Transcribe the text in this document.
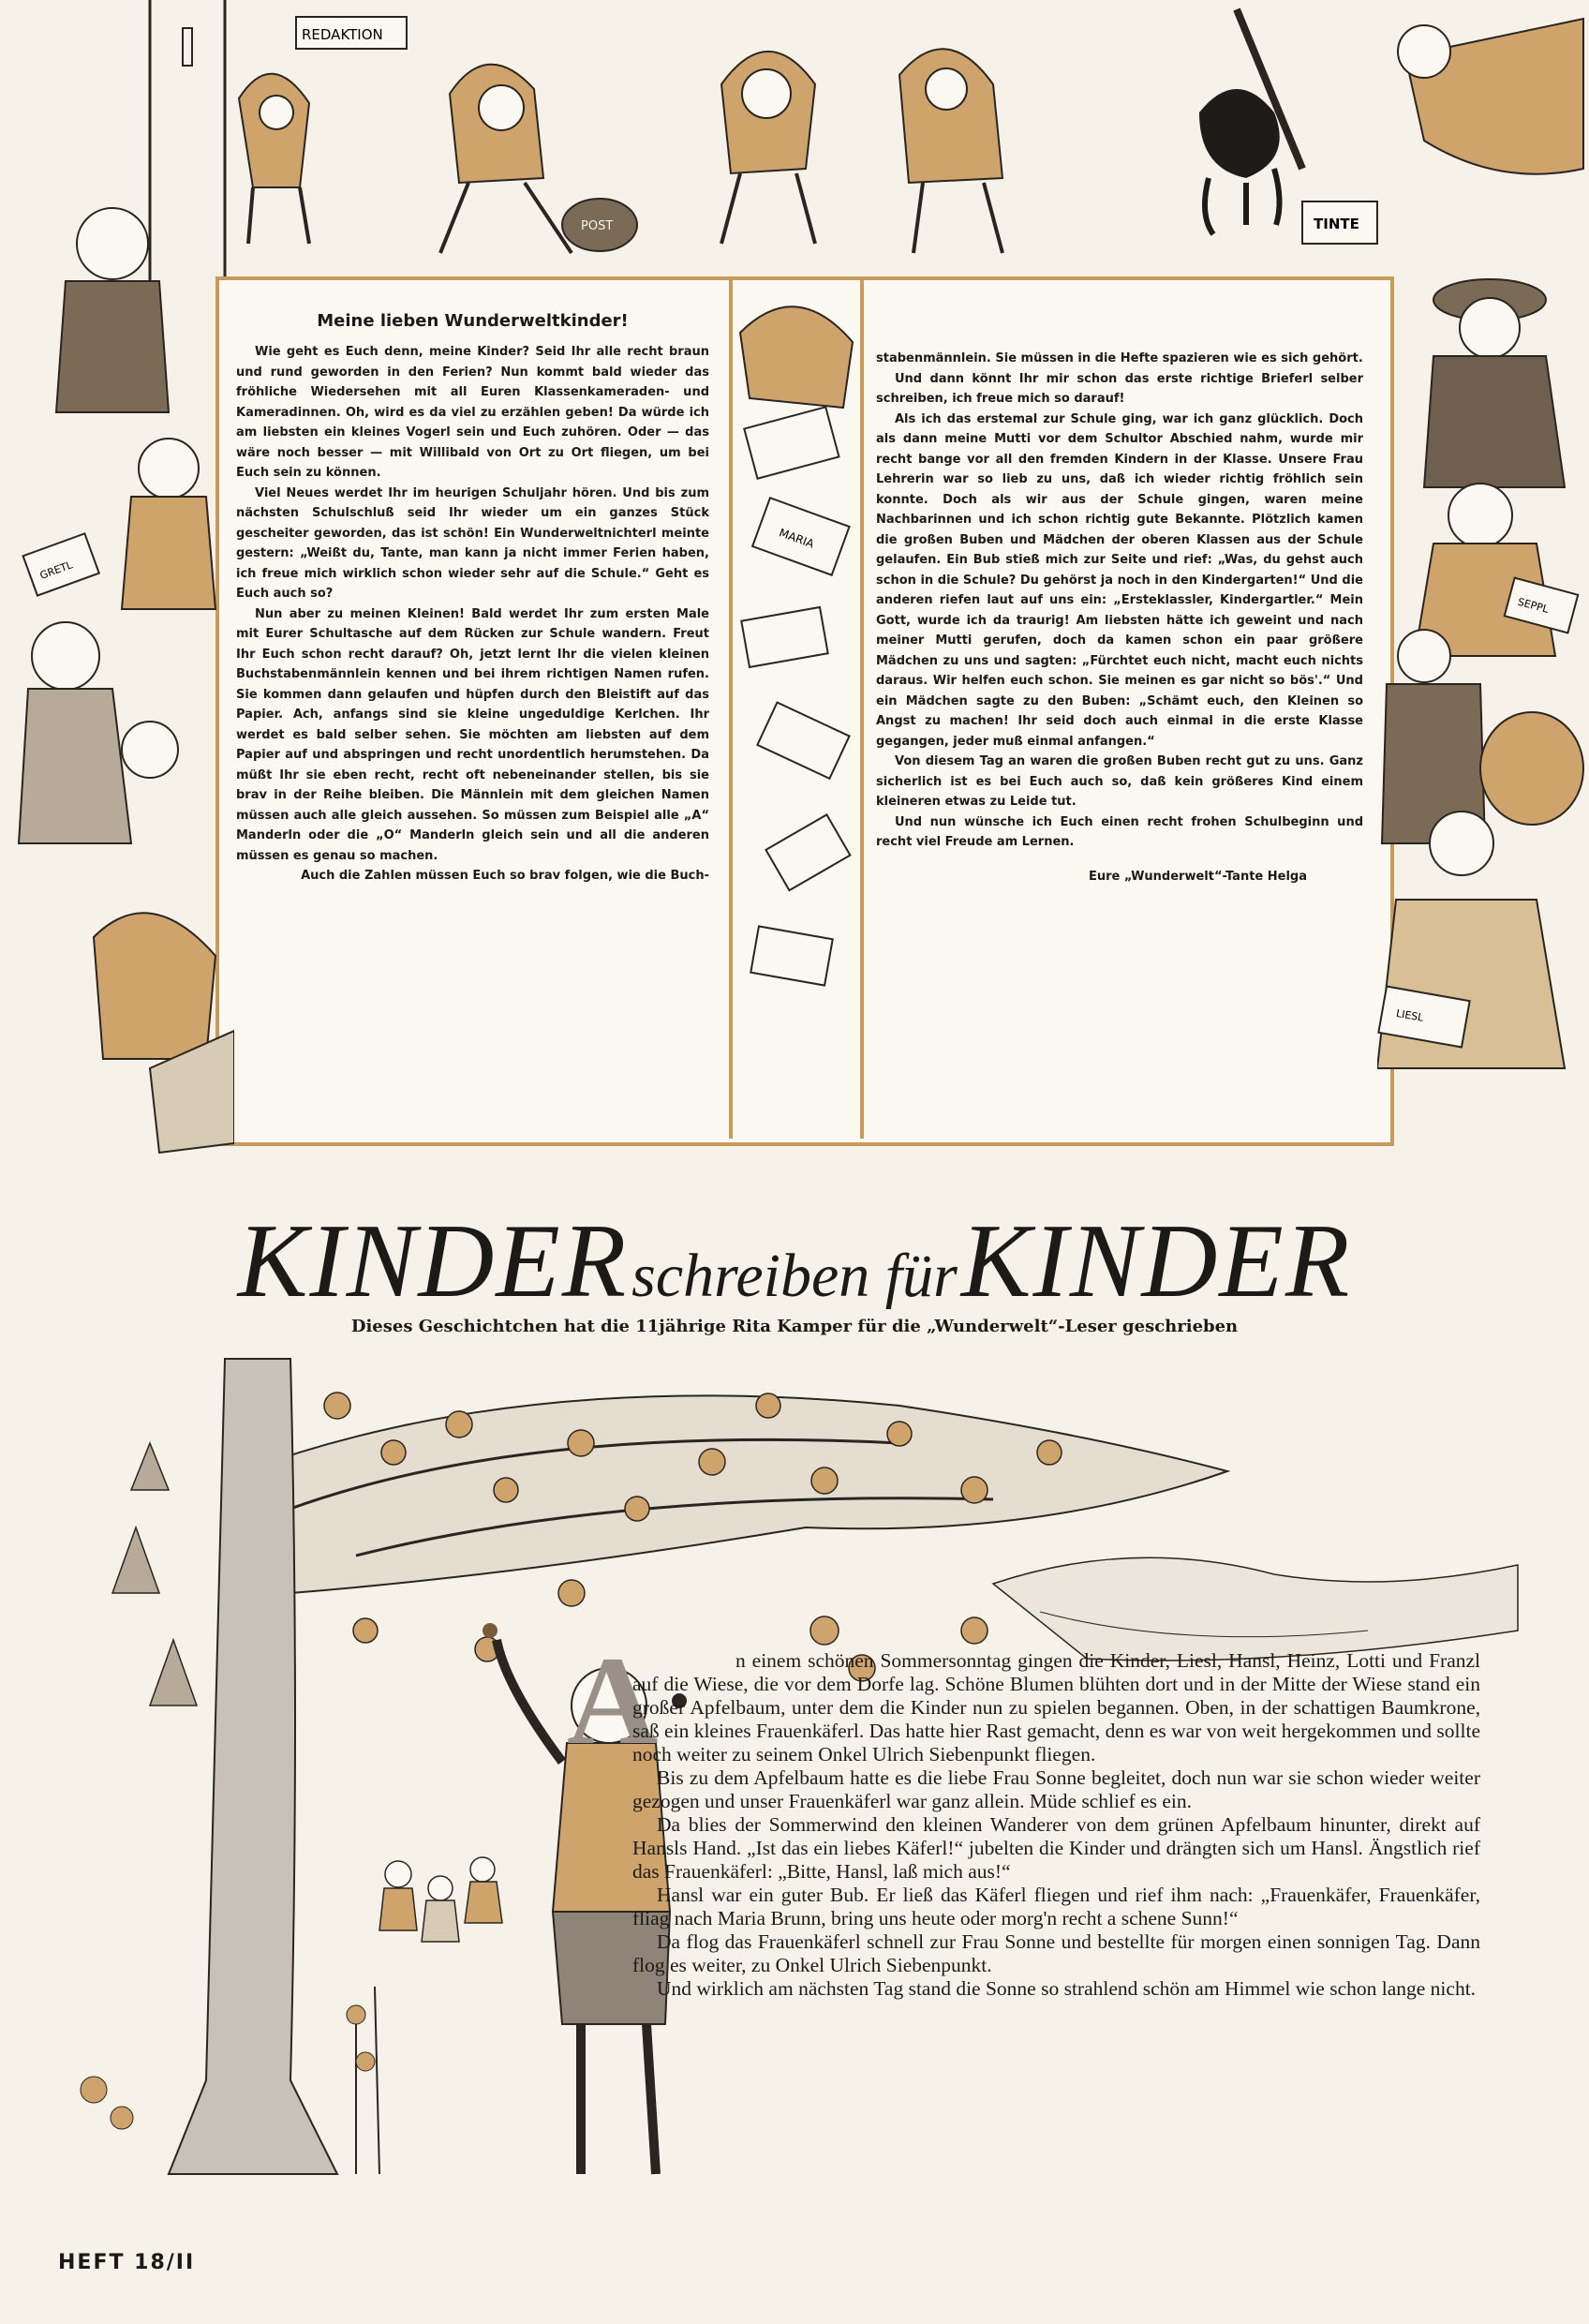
REDAKTION
POST	TINTE
MARIA
GRETL
SEPPL
LIESL
Meine lieben Wunderweltkinder!

Wie geht es Euch denn, meine Kinder? Seid Ihr alle recht braun und rund geworden in den Ferien? Nun kommt bald wieder das fröhliche Wiedersehen mit all Euren Klassenkameraden- und Kameradinnen. Oh, wird es da viel zu erzählen geben! Da würde ich am liebsten ein kleines Vogerl sein und Euch zuhören. Oder — das wäre noch besser — mit Willibald von Ort zu Ort fliegen, um bei Euch sein zu können.

Viel Neues werdet Ihr im heurigen Schuljahr hören. Und bis zum nächsten Schulschluß seid Ihr wieder um ein ganzes Stück gescheiter geworden, das ist schön! Ein Wunderweltnichterl meinte gestern: „Weißt du, Tante, man kann ja nicht immer Ferien haben, ich freue mich wirklich schon wieder sehr auf die Schule.“ Geht es Euch auch so?

Nun aber zu meinen Kleinen! Bald werdet Ihr zum ersten Male mit Eurer Schultasche auf dem Rücken zur Schule wandern. Freut Ihr Euch schon recht darauf? Oh, jetzt lernt Ihr die vielen kleinen Buchstabenmännlein kennen und bei ihrem richtigen Namen rufen. Sie kommen dann gelaufen und hüpfen durch den Bleistift auf das Papier. Ach, anfangs sind sie kleine ungeduldige Kerlchen. Ihr werdet es bald selber sehen. Sie möchten am liebsten auf dem Papier auf und abspringen und recht unordentlich herumstehen. Da müßt Ihr sie eben recht, recht oft nebeneinander stellen, bis sie brav in der Reihe bleiben. Die Männlein mit dem gleichen Namen müssen auch alle gleich aussehen. So müssen zum Beispiel alle „A“ Manderln oder die „O“ Manderln gleich sein und all die anderen müssen es genau so machen.

Auch die Zahlen müssen Euch so brav folgen, wie die Buch-

stabenmännlein. Sie müssen in die Hefte spazieren wie es sich gehört.

Und dann könnt Ihr mir schon das erste richtige Brieferl selber schreiben, ich freue mich so darauf!

Als ich das erstemal zur Schule ging, war ich ganz glücklich. Doch als dann meine Mutti vor dem Schultor Abschied nahm, wurde mir recht bange vor all den fremden Kindern in der Klasse. Unsere Frau Lehrerin war so lieb zu uns, daß ich wieder richtig fröhlich sein konnte. Doch als wir aus der Schule gingen, waren meine Nachbarinnen und ich schon richtig gute Bekannte. Plötzlich kamen die großen Buben und Mädchen der oberen Klassen aus der Schule gelaufen. Ein Bub stieß mich zur Seite und rief: „Was, du gehst auch schon in die Schule? Du gehörst ja noch in den Kindergarten!“ Und die anderen riefen laut auf uns ein: „Ersteklassler, Kindergartler.“ Mein Gott, wurde ich da traurig! Am liebsten hätte ich geweint und nach meiner Mutti gerufen, doch da kamen schon ein paar größere Mädchen zu uns und sagten: „Fürchtet euch nicht, macht euch nichts daraus. Wir helfen euch schon. Sie meinen es gar nicht so bös'.“ Und ein Mädchen sagte zu den Buben: „Schämt euch, den Kleinen so Angst zu machen! Ihr seid doch auch einmal in die erste Klasse gegangen, jeder muß einmal anfangen.“

Von diesem Tag an waren die großen Buben recht gut zu uns. Ganz sicherlich ist es bei Euch auch so, daß kein größeres Kind einem kleineren etwas zu Leide tut.

Und nun wünsche ich Euch einen recht frohen Schulbeginn und recht viel Freude am Lernen.

Eure „Wunderwelt“-Tante Helga
KINDER schreiben für KINDER
Dieses Geschichtchen hat die 11jährige Rita Kamper für die „Wunderwelt“-Leser geschrieben
A	n einem schönen Sommersonntag gingen die Kinder, Liesl, Hansl, Heinz, Lotti und Franzl auf die Wiese, die vor dem Dorfe lag. Schöne Blumen blühten dort und in der Mitte der Wiese stand ein großer Apfelbaum, unter dem die Kinder nun zu spielen begannen. Oben, in der schattigen Baumkrone, saß ein kleines Frauenkäferl. Das hatte hier Rast gemacht, denn es war von weit hergekommen und sollte noch weiter zu seinem Onkel Ulrich Siebenpunkt fliegen.

Bis zu dem Apfelbaum hatte es die liebe Frau Sonne begleitet, doch nun war sie schon wieder weiter gezogen und unser Frauenkäferl war ganz allein. Müde schlief es ein.

Da blies der Sommerwind den kleinen Wanderer von dem grünen Apfelbaum hinunter, direkt auf Hansls Hand. „Ist das ein liebes Käferl!“ jubelten die Kinder und drängten sich um Hansl. Ängstlich rief das Frauenkäferl: „Bitte, Hansl, laß mich aus!“

Hansl war ein guter Bub. Er ließ das Käferl fliegen und rief ihm nach: „Frauenkäfer, Frauenkäfer, fliag nach Maria Brunn, bring uns heute oder morg'n recht a schene Sunn!“

Da flog das Frauenkäferl schnell zur Frau Sonne und bestellte für morgen einen sonnigen Tag. Dann flog es weiter, zu Onkel Ulrich Siebenpunkt.

Und wirklich am nächsten Tag stand die Sonne so strahlend schön am Himmel wie schon lange nicht.

HEFT 18/II
